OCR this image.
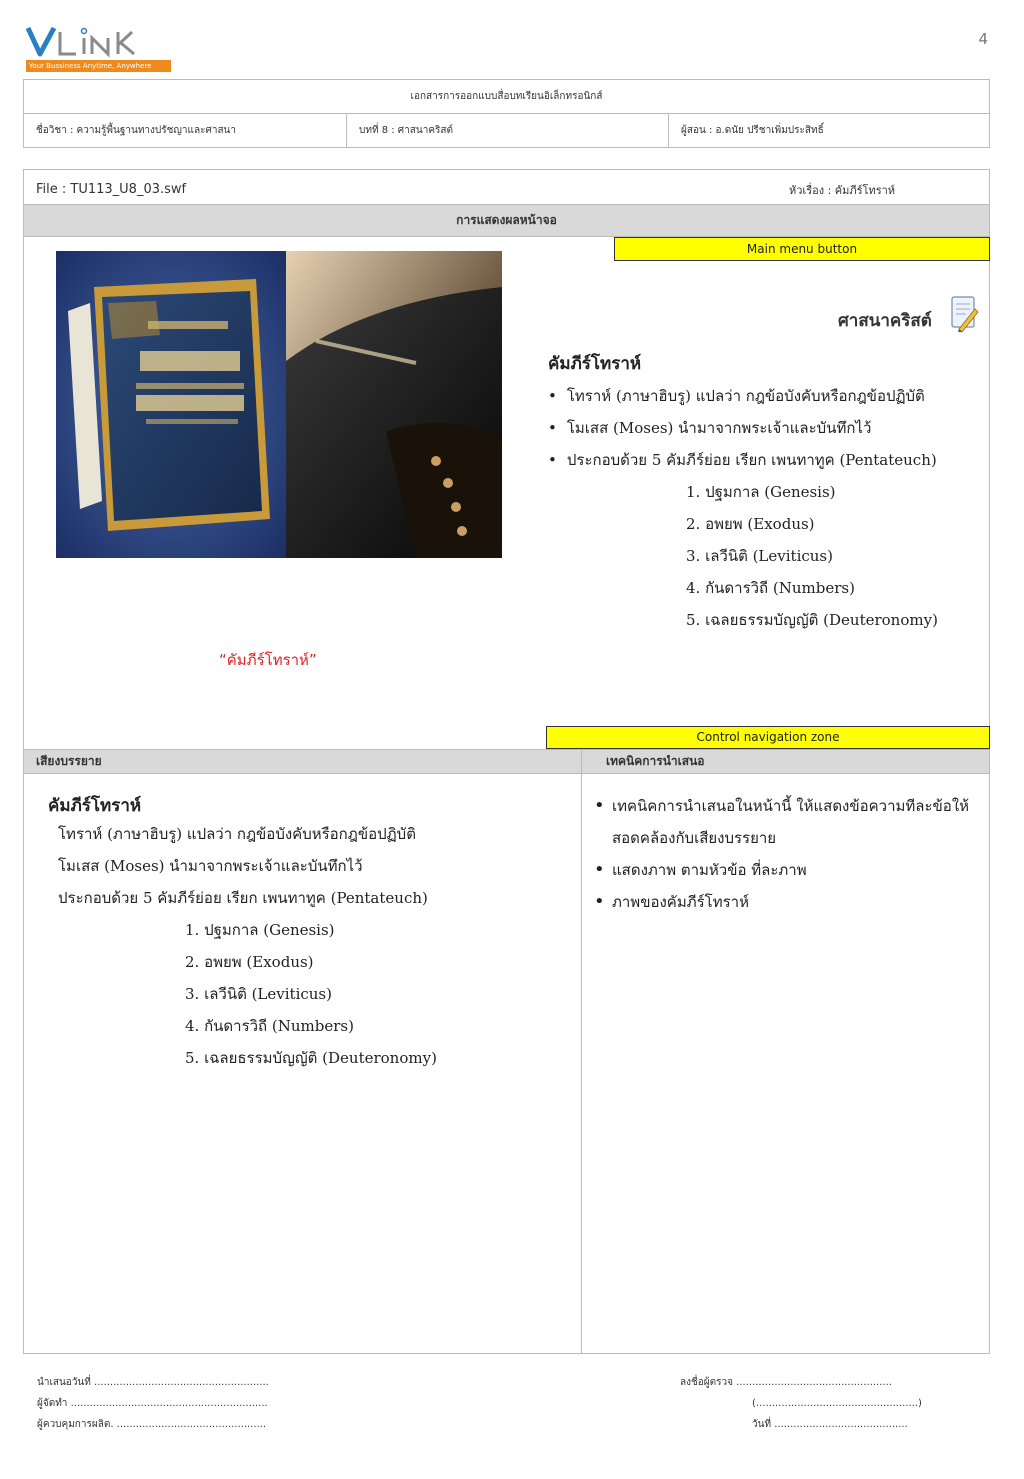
4
Your Bussiness Anytime, Anywhere
เอกสารการออกแบบสื่อบทเรียนอิเล็กทรอนิกส์
ชื่อวิชา : ความรู้พื้นฐานทางปรัชญาและศาสนา	บทที่ 8 : ศาสนาคริสต์	ผู้สอน : อ.ดนัย ปรีชาเพิ่มประสิทธิ์
File : TU113_U8_03.swf	หัวเรื่อง : คัมภีร์โทราห์
การแสดงผลหน้าจอ
Main menu button
ศาสนาคริสต์
คัมภีร์โทราห์
• โทราห์ (ภาษาฮิบรู) แปลว่า กฎข้อบังคับหรือกฎข้อปฏิบัติ
• โมเสส (Moses) นำมาจากพระเจ้าและบันทึกไว้
• ประกอบด้วย 5 คัมภีร์ย่อย เรียก เพนทาทูค (Pentateuch)
1. ปฐมกาล (Genesis)
2. อพยพ (Exodus)
3. เลวีนิติ (Leviticus)
4. กันดารวิถี (Numbers)
5. เฉลยธรรมบัญญัติ (Deuteronomy)
“คัมภีร์โทราห์”
Control navigation zone
เสียงบรรยาย	เทคนิคการนำเสนอ
คัมภีร์โทราห์
โทราห์ (ภาษาฮิบรู) แปลว่า กฎข้อบังคับหรือกฎข้อปฏิบัติ
โมเสส (Moses) นำมาจากพระเจ้าและบันทึกไว้
ประกอบด้วย 5 คัมภีร์ย่อย เรียก เพนทาทูค (Pentateuch)
1. ปฐมกาล (Genesis)
2. อพยพ (Exodus)
3. เลวีนิติ (Leviticus)
4. กันดารวิถี (Numbers)
5. เฉลยธรรมบัญญัติ (Deuteronomy)
• เทคนิคการนำเสนอในหน้านี้ ให้แสดงข้อความทีละข้อให้สอดคล้องกับเสียงบรรยาย
• แสดงภาพ ตามหัวข้อ ที่ละภาพ
• ภาพของคัมภีร์โทราห์
นำเสนอวันที่ .......................................................
ผู้จัดทำ ..............................................................
ผู้ควบคุมการผลิต. ...............................................
ลงชื่อผู้ตรวจ .................................................
(...................................................)
วันที่ ..........................................
